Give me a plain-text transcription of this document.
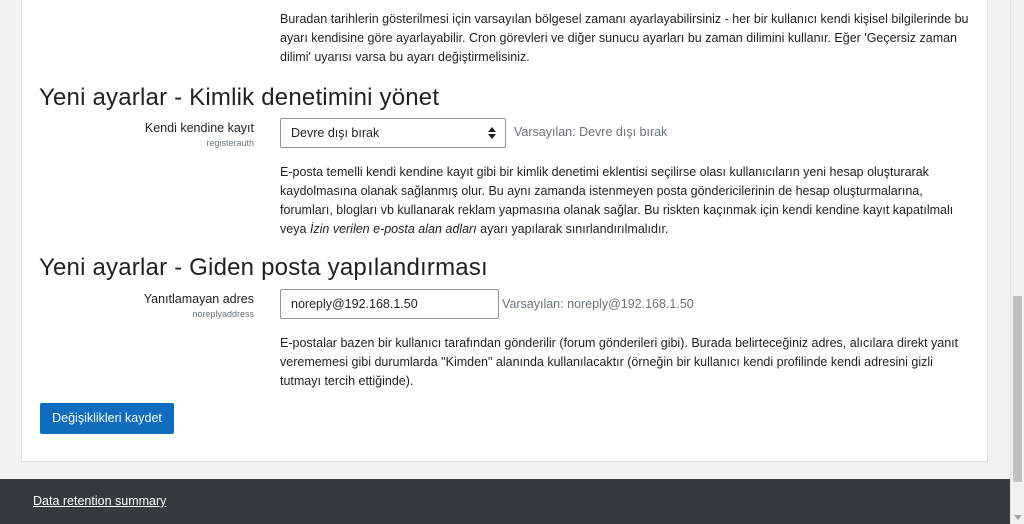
Buradan tarihlerin gösterilmesi için varsayılan bölgesel zamanı ayarlayabilirsiniz - her bir kullanıcı kendi kişisel bilgilerinde bu ayarı kendisine göre ayarlayabilir. Cron görevleri ve diğer sunucu ayarları bu zaman dilimini kullanır. Eğer 'Geçersiz zaman dilimi' uyarısı varsa bu ayarı değiştirmelisiniz.
Yeni ayarlar - Kimlik denetimini yönet
Kendi kendine kayıt
registerauth
Devre dışı bırak	Varsayılan: Devre dışı bırak
E-posta temelli kendi kendine kayıt gibi bir kimlik denetimi eklentisi seçilirse olası kullanıcıların yeni hesap oluşturarak kaydolmasına olanak sağlanmış olur. Bu aynı zamanda istenmeyen posta göndericilerinin de hesap oluşturmalarına, forumları, blogları vb kullanarak reklam yapmasına olanak sağlar. Bu riskten kaçınmak için kendi kendine kayıt kapatılmalı veya İzin verilen e-posta alan adları ayarı yapılarak sınırlandırılmalıdır.
Yeni ayarlar - Giden posta yapılandırması
Yanıtlamayan adres
noreplyaddress
noreply@192.168.1.50	Varsayılan: noreply@192.168.1.50
E-postalar bazen bir kullanıcı tarafından gönderilir (forum gönderileri gibi). Burada belirteceğiniz adres, alıcılara direkt yanıt verememesi gibi durumlarda "Kimden" alanında kullanılacaktır (örneğin bir kullanıcı kendi profilinde kendi adresini gizli tutmayı tercih ettiğinde).
Değişiklikleri kaydet
Data retention summary
